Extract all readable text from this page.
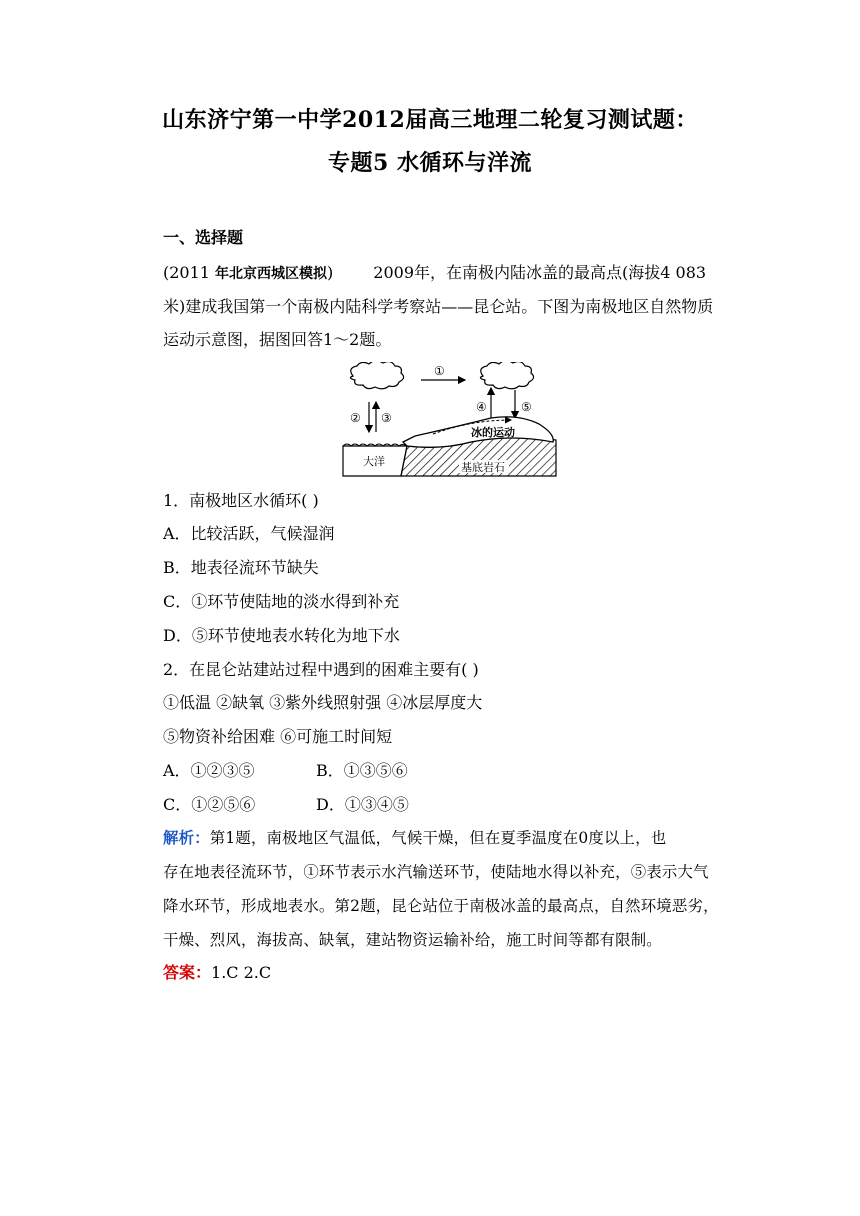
山东济宁第一中学2012届高三地理二轮复习测试题：
专题5 水循环与洋流
一、选择题
(2011 年北京西城区模拟)	2009年，在南极内陆冰盖的最高点(海拔4 083
米)建成我国第一个南极内陆科学考察站——昆仑站。下图为南极地区自然物质
运动示意图，据图回答1～2题。
①
② ③
④	⑤
大洋
冰的运动
基底岩石
1．南极地区水循环( )
A．比较活跃，气候湿润
B．地表径流环节缺失
C．①环节使陆地的淡水得到补充
D．⑤环节使地表水转化为地下水
2．在昆仑站建站过程中遇到的困难主要有( )
①低温 ②缺氧 ③紫外线照射强 ④冰层厚度大
⑤物资补给困难 ⑥可施工时间短
A．①②③⑤	B．①③⑤⑥
C．①②⑤⑥	D．①③④⑤
解析：第1题，南极地区气温低，气候干燥，但在夏季温度在0度以上，也
存在地表径流环节，①环节表示水汽输送环节，使陆地水得以补充，⑤表示大气
降水环节，形成地表水。第2题，昆仑站位于南极冰盖的最高点，自然环境恶劣，
干燥、烈风，海拔高、缺氧，建站物资运输补给，施工时间等都有限制。
答案：1.C 2.C
